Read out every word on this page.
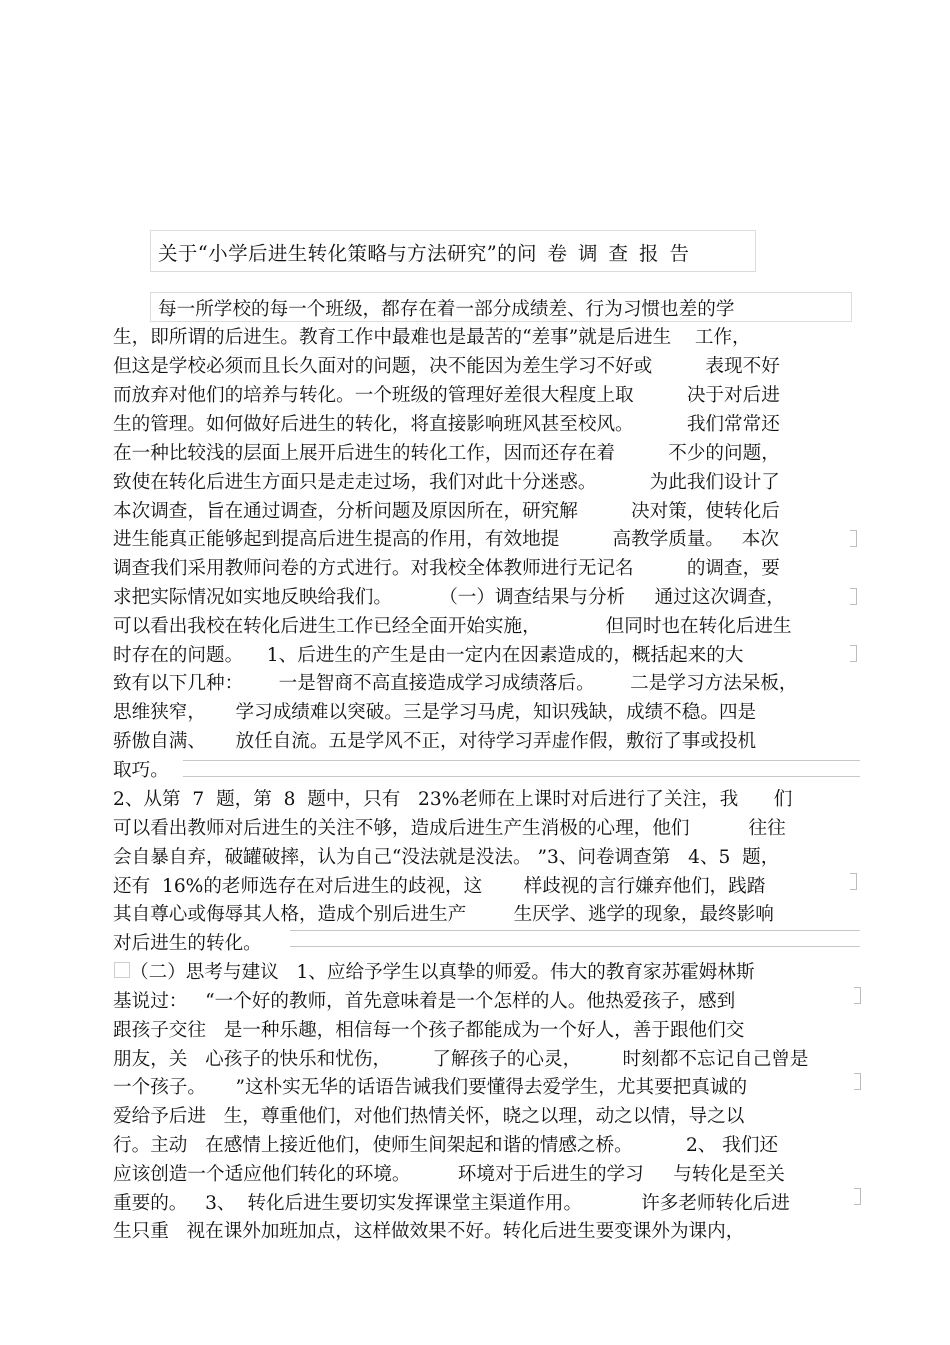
关于“小学后进生转化策略与方法研究”的问卷调查报告
每一所学校的每一个班级，都存在着一部分成绩差、行为习惯也差的学
生，即所谓的后进生。教育工作中最难也是最苦的“差事”就是后进生    工作，
但这是学校必须而且长久面对的问题，决不能因为差生学习不好或         表现不好
而放弃对他们的培养与转化。一个班级的管理好差很大程度上取         决于对后进
生的管理。如何做好后进生的转化，将直接影响班风甚至校风。         我们常常还
在一种比较浅的层面上展开后进生的转化工作，因而还存在着         不少的问题，
致使在转化后进生方面只是走走过场，我们对此十分迷惑。         为此我们设计了
本次调查，旨在通过调查，分析问题及原因所在，研究解         决对策，使转化后
进生能真正能够起到提高后进生提高的作用，有效地提         高教学质量。   本次
调查我们采用教师问卷的方式进行。对我校全体教师进行无记名         的调查，要
求把实际情况如实地反映给我们。        （一）调查结果与分析     通过这次调查，
可以看出我校在转化后进生工作已经全面开始实施，           但同时也在转化后进生
时存在的问题。    1、后进生的产生是由一定内在因素造成的，概括起来的大
致有以下几种：      一是智商不高直接造成学习成绩落后。      二是学习方法呆板，
思维狭窄，     学习成绩难以突破。三是学习马虎，知识残缺，成绩不稳。四是
骄傲自满、     放任自流。五是学风不正，对待学习弄虚作假，敷衍了事或投机
取巧。
2、从第  7  题，第  8  题中，只有   23%老师在上课时对后进行了关注，我      们
可以看出教师对后进生的关注不够，造成后进生产生消极的心理，他们          往往
会自暴自弃，破罐破摔，认为自己“没法就是没法。 ”3、问卷调查第   4、5  题，
还有  16%的老师选存在对后进生的歧视，这       样歧视的言行嫌弃他们，践踏
其自尊心或侮辱其人格，造成个别后进生产        生厌学、逃学的现象，最终影响
对后进生的转化。
（二）思考与建议   1、应给予学生以真挚的师爱。伟大的教育家苏霍姆林斯
基说过：   “一个好的教师，首先意味着是一个怎样的人。他热爱孩子，感到
跟孩子交往   是一种乐趣，相信每一个孩子都能成为一个好人，善于跟他们交
朋友，关   心孩子的快乐和忧伤，       了解孩子的心灵，       时刻都不忘记自己曾是
一个孩子。     ”这朴实无华的话语告诫我们要懂得去爱学生，尤其要把真诚的
爱给予后进   生，尊重他们，对他们热情关怀，晓之以理，动之以情，导之以
行。主动   在感情上接近他们，使师生间架起和谐的情感之桥。         2、 我们还
应该创造一个适应他们转化的环境。        环境对于后进生的学习     与转化是至关
重要的。   3、  转化后进生要切实发挥课堂主渠道作用。          许多老师转化后进
生只重   视在课外加班加点，这样做效果不好。转化后进生要变课外为课内，
